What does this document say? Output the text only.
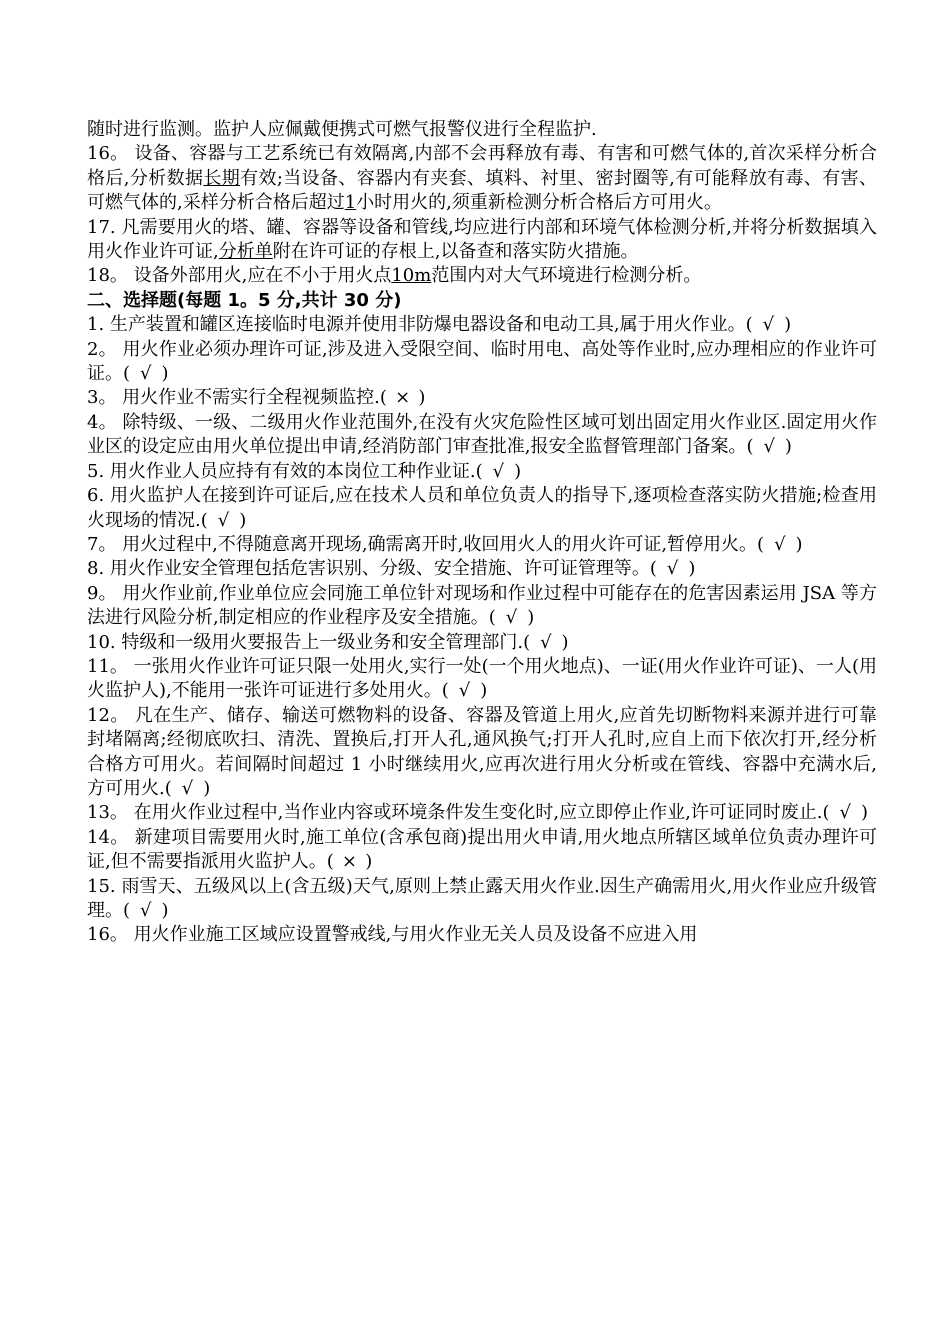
随时进行监测。监护人应佩戴便携式可燃气报警仪进行全程监护.

16。 设备、容器与工艺系统已有效隔离,内部不会再释放有毒、有害和可燃气体的,首次采样分析合格后,分析数据长期有效;当设备、容器内有夹套、填料、衬里、密封圈等,有可能释放有毒、有害、可燃气体的,采样分析合格后超过1小时用火的,须重新检测分析合格后方可用火。

17. 凡需要用火的塔、罐、容器等设备和管线,均应进行内部和环境气体检测分析,并将分析数据填入用火作业许可证,分析单附在许可证的存根上,以备查和落实防火措施。

18。 设备外部用火,应在不小于用火点10m范围内对大气环境进行检测分析。

二、选择题(每题 1。5 分,共计 30 分)

1. 生产装置和罐区连接临时电源并使用非防爆电器设备和电动工具,属于用火作业。( √ )

2。 用火作业必须办理许可证,涉及进入受限空间、临时用电、高处等作业时,应办理相应的作业许可证。( √ )

3。 用火作业不需实行全程视频监控.( × )

4。 除特级、一级、二级用火作业范围外,在没有火灾危险性区域可划出固定用火作业区.固定用火作业区的设定应由用火单位提出申请,经消防部门审查批准,报安全监督管理部门备案。( √ )

5. 用火作业人员应持有有效的本岗位工种作业证.( √ )

6. 用火监护人在接到许可证后,应在技术人员和单位负责人的指导下,逐项检查落实防火措施;检查用火现场的情况.( √ )

7。 用火过程中,不得随意离开现场,确需离开时,收回用火人的用火许可证,暂停用火。( √ )

8. 用火作业安全管理包括危害识别、分级、安全措施、许可证管理等。( √ )

9。 用火作业前,作业单位应会同施工单位针对现场和作业过程中可能存在的危害因素运用 JSA 等方法进行风险分析,制定相应的作业程序及安全措施。( √ )

10. 特级和一级用火要报告上一级业务和安全管理部门.( √ )

11。 一张用火作业许可证只限一处用火,实行一处(一个用火地点)、一证(用火作业许可证)、一人(用火监护人),不能用一张许可证进行多处用火。( √ )

12。 凡在生产、储存、输送可燃物料的设备、容器及管道上用火,应首先切断物料来源并进行可靠封堵隔离;经彻底吹扫、清洗、置换后,打开人孔,通风换气;打开人孔时,应自上而下依次打开,经分析合格方可用火。若间隔时间超过 1 小时继续用火,应再次进行用火分析或在管线、容器中充满水后,方可用火.( √ )

13。 在用火作业过程中,当作业内容或环境条件发生变化时,应立即停止作业,许可证同时废止.( √ )

14。 新建项目需要用火时,施工单位(含承包商)提出用火申请,用火地点所辖区域单位负责办理许可证,但不需要指派用火监护人。( × )

15. 雨雪天、五级风以上(含五级)天气,原则上禁止露天用火作业.因生产确需用火,用火作业应升级管理。( √ )

16。 用火作业施工区域应设置警戒线,与用火作业无关人员及设备不应进入用
